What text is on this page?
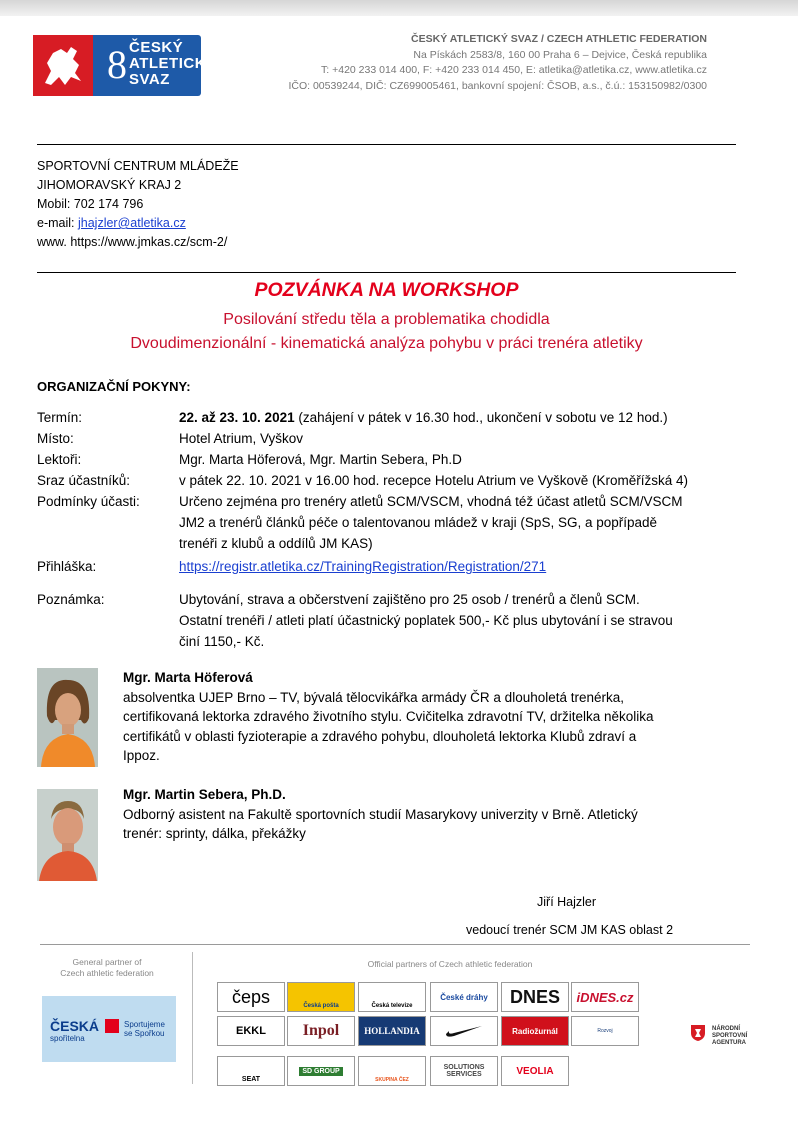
8 ČESKÝ
ATLETICKÝ
SVAZ
ČESKÝ ATLETICKÝ SVAZ / CZECH ATHLETIC FEDERATION
Na Pískách 2583/8, 160 00 Praha 6 – Dejvice, Česká republika
T: +420 233 014 400, F: +420 233 014 450, E: atletika@atletika.cz, www.atletika.cz
IČO: 00539244, DIČ: CZ699005461, bankovní spojení: ČSOB, a.s., č.ú.: 153150982/0300
SPORTOVNÍ CENTRUM MLÁDEŽE
JIHOMORAVSKÝ KRAJ 2
Mobil: 702 174 796
e-mail: jhajzler@atletika.cz
www. https://www.jmkas.cz/scm-2/
POZVÁNKA NA WORKSHOP
Posilování středu těla a problematika chodidla
Dvoudimenzionální - kinematická analýza pohybu v práci trenéra atletiky
ORGANIZAČNÍ POKYNY:
Termín:	22. až 23. 10. 2021 (zahájení v pátek v 16.30 hod., ukončení v sobotu ve 12 hod.)
Místo:	Hotel Atrium, Vyškov
Lektoři:	Mgr. Marta Höferová, Mgr. Martin Sebera, Ph.D
Sraz účastníků:	v pátek 22. 10. 2021 v 16.00 hod. recepce Hotelu Atrium ve Vyškově (Kroměřížská 4)
Podmínky účasti:	Určeno zejména pro trenéry atletů SCM/VSCM, vhodná též účast atletů SCM/VSCM
JM2 a trenérů článků péče o talentovanou mládež v kraji (SpS, SG, a popřípadě
trenéři z klubů a oddílů JM KAS)
Přihláška:	https://registr.atletika.cz/TrainingRegistration/Registration/271
Poznámka:	Ubytování, strava a občerstvení zajištěno pro 25 osob / trenérů a členů SCM.
Ostatní trenéři / atleti platí účastnický poplatek 500,- Kč plus ubytování i se stravou
činí 1150,- Kč.
Mgr. Marta Höferová
absolventka UJEP Brno – TV, bývalá tělocvikářka armády ČR a dlouholetá trenérka,
certifikovaná lektorka zdravého životního stylu. Cvičitelka zdravotní TV, držitelka několika
certifikátů v oblasti fyzioterapie a zdravého pohybu, dlouholetá lektorka Klubů zdraví a
Ippoz.
Mgr. Martin Sebera, Ph.D.
Odborný asistent na Fakultě sportovních studií Masarykovy univerzity v Brně. Atletický
trenér: sprinty, dálka, překážky
Jiří Hajzler
vedoucí trenér SCM JM KAS oblast 2
General partner of
Czech athletic federation
Official partners of Czech athletic federation
ČESKÁ
spořitelna
Sportujeme
se Spořkou
čeps	Česká pošta	Česká televize
České dráhy	DNES	iDNES.cz
EKKL	Inpol	HOLLANDIA	Radiožurnál	Rozvoj
SEAT
SD GROUP
SKUPINA ČEZ
SOLUTIONS SERVICES	VEOLIA
NÁRODNÍ
SPORTOVNÍ
AGENTURA
